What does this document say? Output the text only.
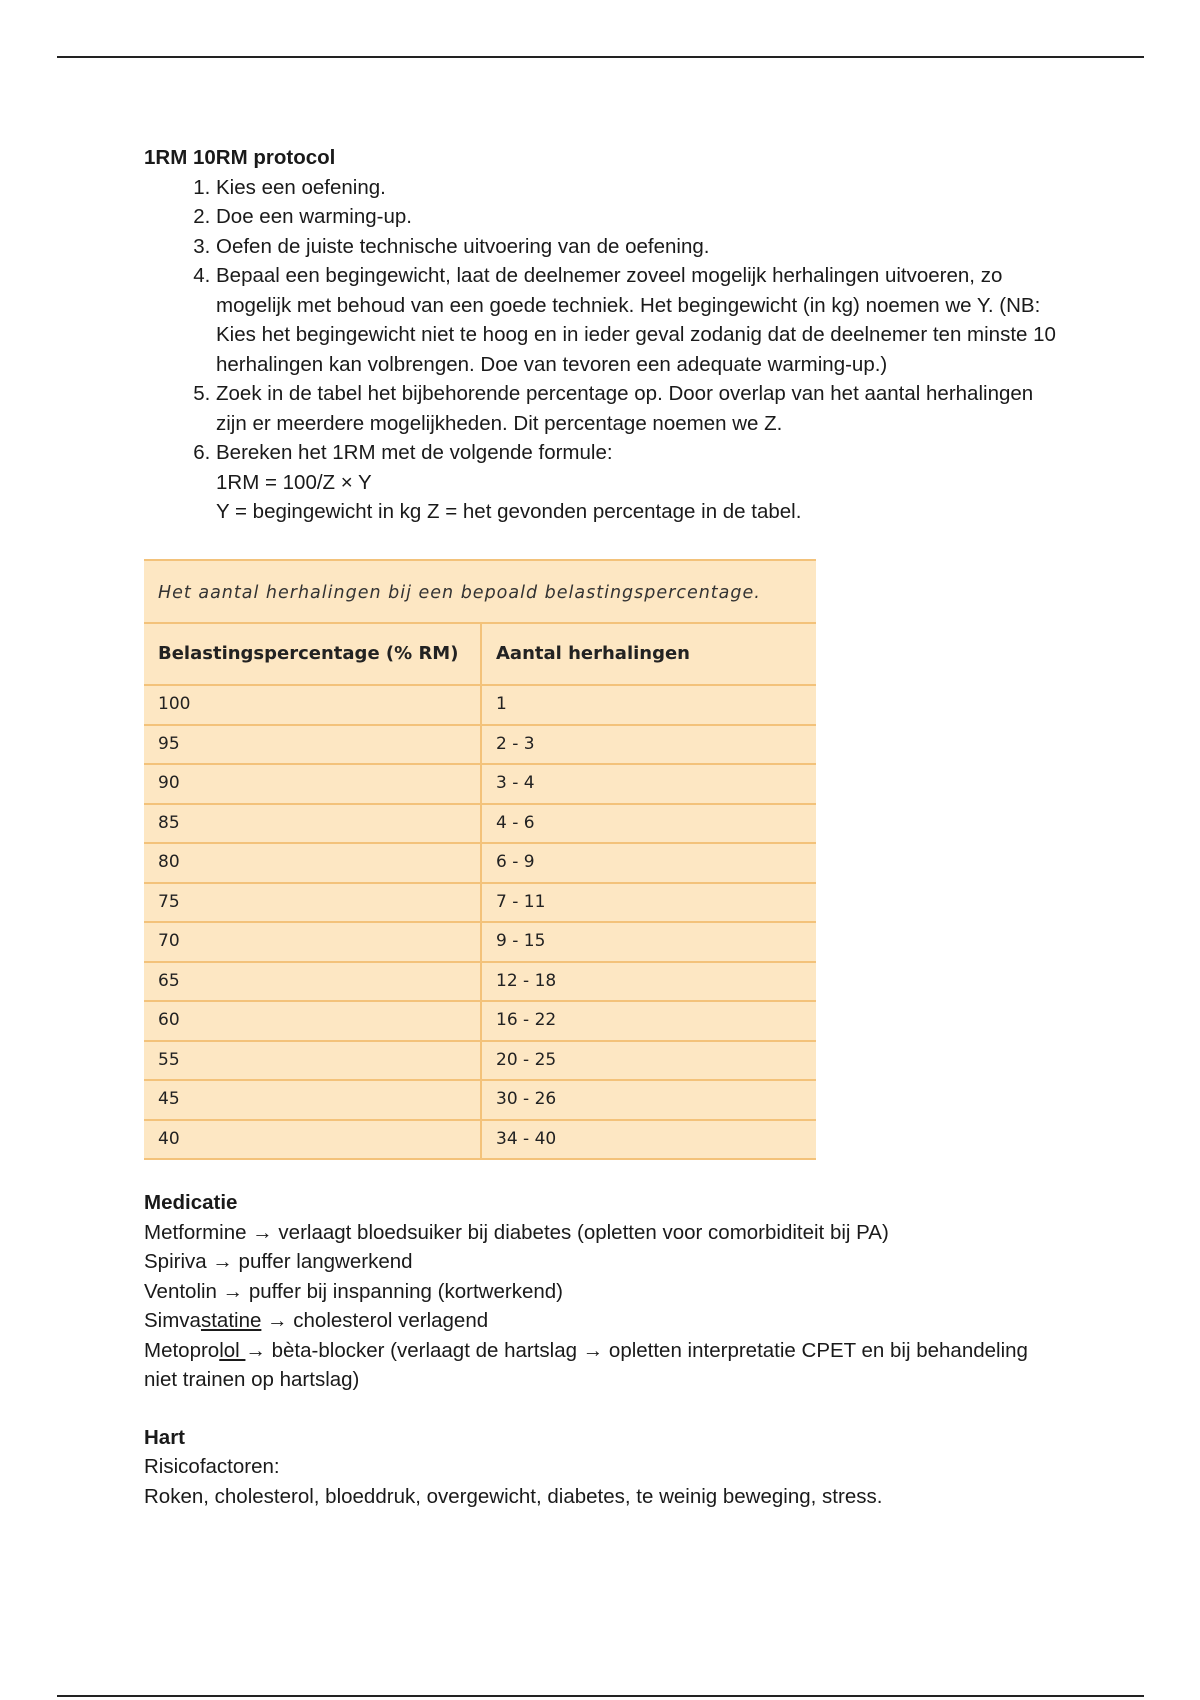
1RM 10RM protocol

1. Kies een oefening.
2. Doe een warming-up.
3. Oefen de juiste technische uitvoering van de oefening.
4. Bepaal een begingewicht, laat de deelnemer zoveel mogelijk herhalingen uitvoeren, zo mogelijk met behoud van een goede techniek. Het begingewicht (in kg) noemen we Y. (NB: Kies het begingewicht niet te hoog en in ieder geval zodanig dat de deelnemer ten minste 10 herhalingen kan volbrengen. Doe van tevoren een adequate warming-up.)
5. Zoek in de tabel het bijbehorende percentage op. Door overlap van het aantal herhalingen zijn er meerdere mogelijkheden. Dit percentage noemen we Z.
6. Bereken het 1RM met de volgende formule:
1RM = 100/Z × Y
Y = begingewicht in kg Z = het gevonden percentage in de tabel.
Het aantal herhalingen bij een bepoald belastingspercentage.
Belastingspercentage (% RM)	Aantal herhalingen
100	1
95	2 - 3
90	3 - 4
85	4 - 6
80	6 - 9
75	7 - 11
70	9 - 15
65	12 - 18
60	16 - 22
55	20 - 25
45	30 - 26
40	34 - 40

Medicatie

Metformine → verlaagt bloedsuiker bij diabetes (opletten voor comorbiditeit bij PA)

Spiriva → puffer langwerkend

Ventolin → puffer bij inspanning (kortwerkend)

Simvastatine → cholesterol verlagend

Metoprolol → bèta-blocker (verlaagt de hartslag → opletten interpretatie CPET en bij behandeling niet trainen op hartslag)

Hart

Risicofactoren:

Roken, cholesterol, bloeddruk, overgewicht, diabetes, te weinig beweging, stress.
